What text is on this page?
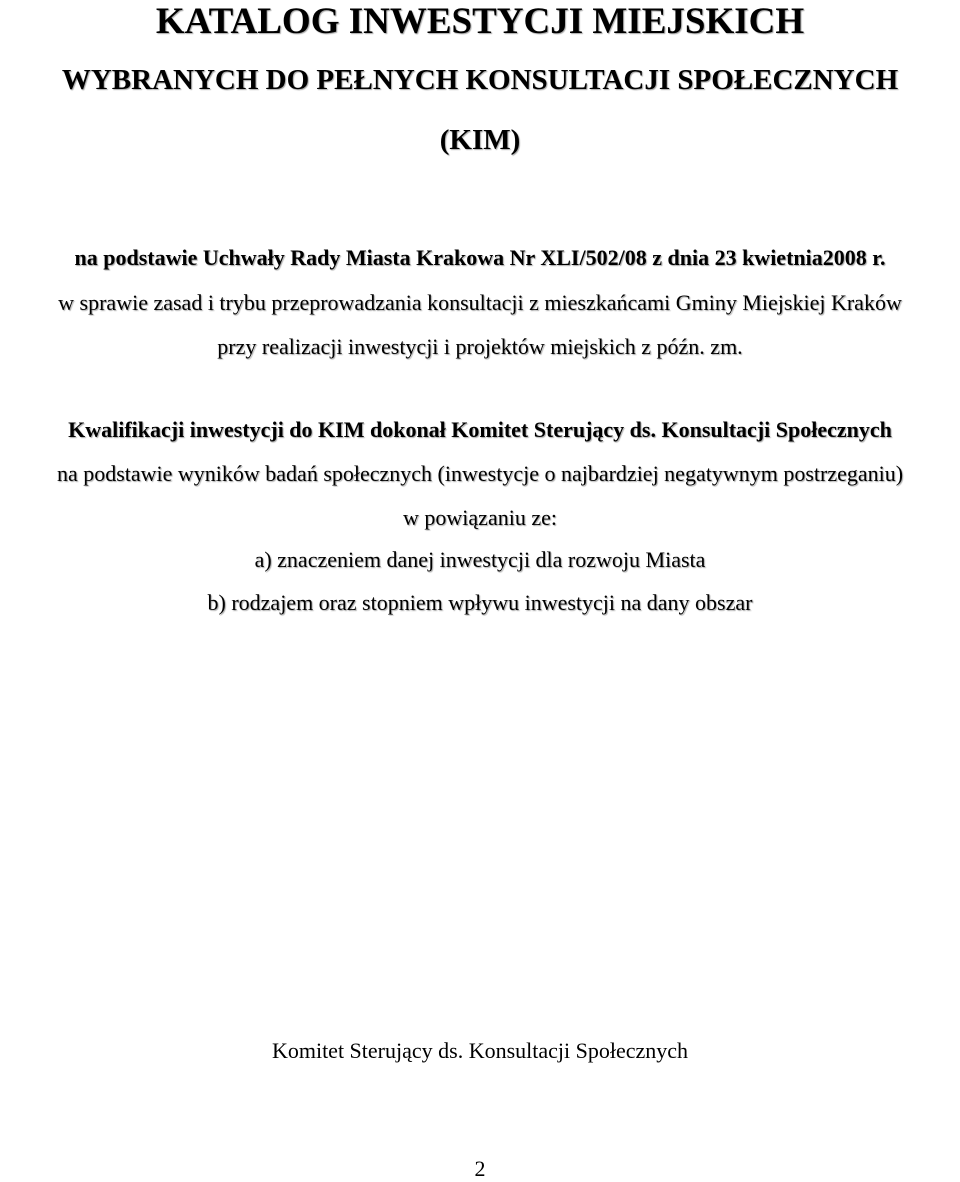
KATALOG INWESTYCJI MIEJSKICH
WYBRANYCH DO PEŁNYCH KONSULTACJI SPOŁECZNYCH
(KIM)
na podstawie Uchwały Rady Miasta Krakowa Nr XLI/502/08 z dnia 23 kwietnia2008 r.
w sprawie zasad i trybu przeprowadzania konsultacji z mieszkańcami Gminy Miejskiej Kraków
przy realizacji inwestycji i projektów miejskich z późn. zm.
Kwalifikacji inwestycji do KIM dokonał Komitet Sterujący ds. Konsultacji Społecznych
na podstawie wyników badań społecznych (inwestycje o najbardziej negatywnym postrzeganiu)
w powiązaniu ze:
a) znaczeniem danej inwestycji dla rozwoju Miasta
b) rodzajem oraz stopniem wpływu inwestycji na dany obszar
Komitet Sterujący ds. Konsultacji Społecznych
2
